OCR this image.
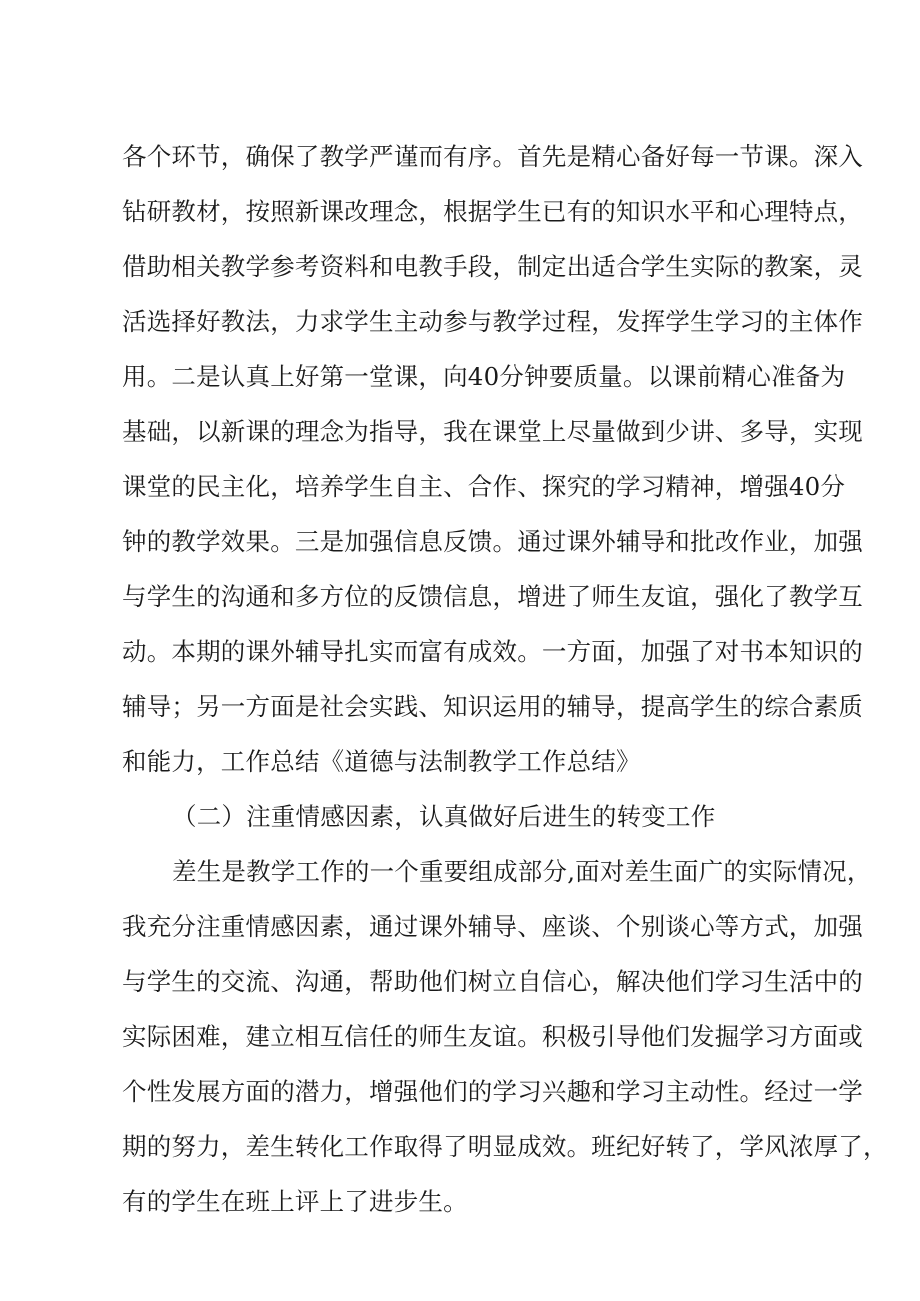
各个环节，确保了教学严谨而有序。首先是精心备好每一节课。深入
钻研教材，按照新课改理念，根据学生已有的知识水平和心理特点，
借助相关教学参考资料和电教手段，制定出适合学生实际的教案，灵
活选择好教法，力求学生主动参与教学过程，发挥学生学习的主体作
用。二是认真上好第一堂课，向40分钟要质量。以课前精心准备为
基础，以新课的理念为指导，我在课堂上尽量做到少讲、多导，实现
课堂的民主化，培养学生自主、合作、探究的学习精神，增强40分
钟的教学效果。三是加强信息反馈。通过课外辅导和批改作业，加强
与学生的沟通和多方位的反馈信息，增进了师生友谊，强化了教学互
动。本期的课外辅导扎实而富有成效。一方面，加强了对书本知识的
辅导；另一方面是社会实践、知识运用的辅导，提高学生的综合素质
和能力，工作总结《道德与法制教学工作总结》
（二）注重情感因素，认真做好后进生的转变工作
差生是教学工作的一个重要组成部分,面对差生面广的实际情况，
我充分注重情感因素，通过课外辅导、座谈、个别谈心等方式，加强
与学生的交流、沟通，帮助他们树立自信心，解决他们学习生活中的
实际困难，建立相互信任的师生友谊。积极引导他们发掘学习方面或
个性发展方面的潜力，增强他们的学习兴趣和学习主动性。经过一学
期的努力，差生转化工作取得了明显成效。班纪好转了，学风浓厚了，
有的学生在班上评上了进步生。
